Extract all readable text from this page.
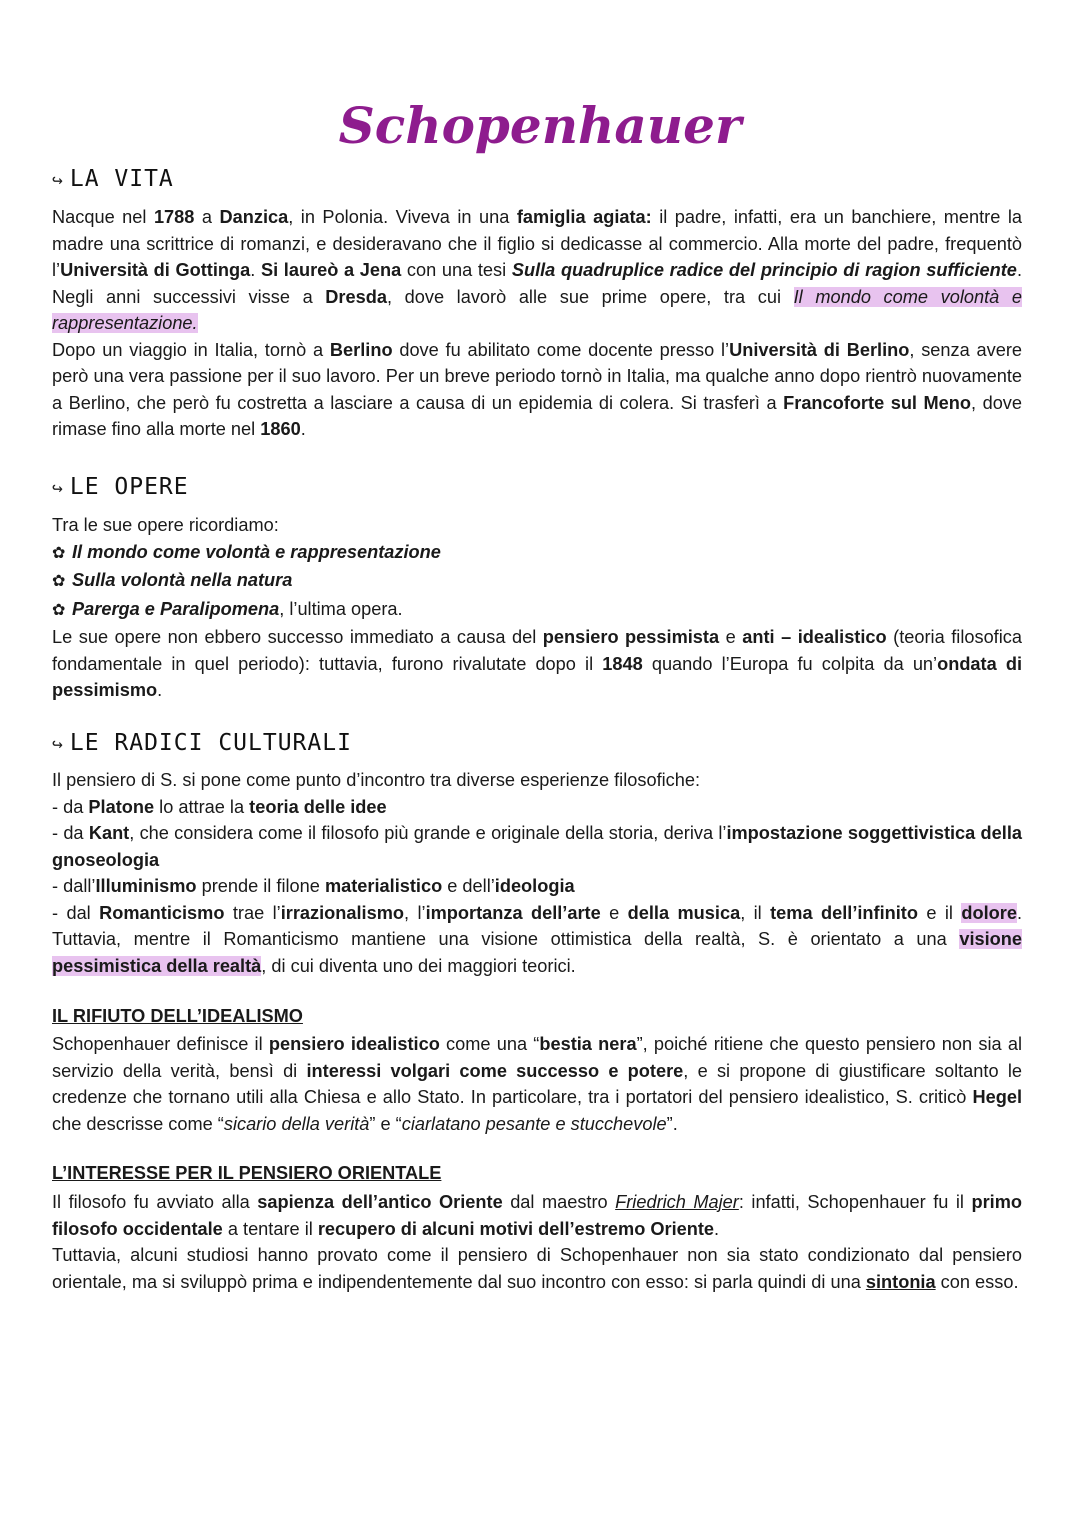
Schopenhauer
↪ LA VITA

Nacque nel 1788 a Danzica, in Polonia. Viveva in una famiglia agiata: il padre, infatti, era un banchiere, mentre la madre una scrittrice di romanzi, e desideravano che il figlio si dedicasse al commercio. Alla morte del padre, frequentò l’Università di Gottinga. Si laureò a Jena con una tesi Sulla quadruplice radice del principio di ragion sufficiente. Negli anni successivi visse a Dresda, dove lavorò alle sue prime opere, tra cui Il mondo come volontà e rappresentazione.

Dopo un viaggio in Italia, tornò a Berlino dove fu abilitato come docente presso l’Università di Berlino, senza avere però una vera passione per il suo lavoro. Per un breve periodo tornò in Italia, ma qualche anno dopo rientrò nuovamente a Berlino, che però fu costretta a lasciare a causa di un epidemia di colera. Si trasferì a Francoforte sul Meno, dove rimase fino alla morte nel 1860.

↪ LE OPERE

Tra le sue opere ricordiamo:

✿ Il mondo come volontà e rappresentazione

✿ Sulla volontà nella natura

✿ Parerga e Paralipomena, l’ultima opera.

Le sue opere non ebbero successo immediato a causa del pensiero pessimista e anti – idealistico (teoria filosofica fondamentale in quel periodo): tuttavia, furono rivalutate dopo il 1848 quando l’Europa fu colpita da un’ondata di pessimismo.

↪ LE RADICI CULTURALI

Il pensiero di S. si pone come punto d’incontro tra diverse esperienze filosofiche:

- da Platone lo attrae la teoria delle idee

- da Kant, che considera come il filosofo più grande e originale della storia, deriva l’impostazione soggettivistica della gnoseologia

- dall’Illuminismo prende il filone materialistico e dell’ideologia

- dal Romanticismo trae l’irrazionalismo, l’importanza dell’arte e della musica, il tema dell’infinito e il dolore. Tuttavia, mentre il Romanticismo mantiene una visione ottimistica della realtà, S. è orientato a una visione pessimistica della realtà, di cui diventa uno dei maggiori teorici.

IL RIFIUTO DELL’IDEALISMO

Schopenhauer definisce il pensiero idealistico come una “bestia nera”, poiché ritiene che questo pensiero non sia al servizio della verità, bensì di interessi volgari come successo e potere, e si propone di giustificare soltanto le credenze che tornano utili alla Chiesa e allo Stato. In particolare, tra i portatori del pensiero idealistico, S. criticò Hegel che descrisse come “sicario della verità” e “ciarlatano pesante e stucchevole”.

L’INTERESSE PER IL PENSIERO ORIENTALE

Il filosofo fu avviato alla sapienza dell’antico Oriente dal maestro Friedrich Majer: infatti, Schopenhauer fu il primo filosofo occidentale a tentare il recupero di alcuni motivi dell’estremo Oriente.

Tuttavia, alcuni studiosi hanno provato come il pensiero di Schopenhauer non sia stato condizionato dal pensiero orientale, ma si sviluppò prima e indipendentemente dal suo incontro con esso: si parla quindi di una sintonia con esso.
